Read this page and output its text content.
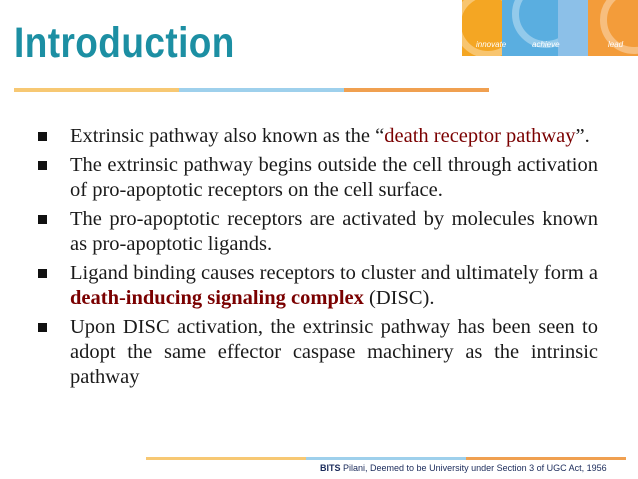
Introduction	innovate	achieve	lead
Extrinsic pathway also known as the “death receptor pathway”.
The extrinsic pathway begins outside the cell through activation of pro-apoptotic receptors on the cell surface.
The pro-apoptotic receptors are activated by molecules known as pro-apoptotic ligands.
Ligand binding causes receptors to cluster and ultimately form a death-inducing signaling complex (DISC).
Upon DISC activation, the extrinsic pathway has been seen to adopt the same effector caspase machinery as the intrinsic pathway
BITS Pilani, Deemed to be University under Section 3 of UGC Act, 1956
